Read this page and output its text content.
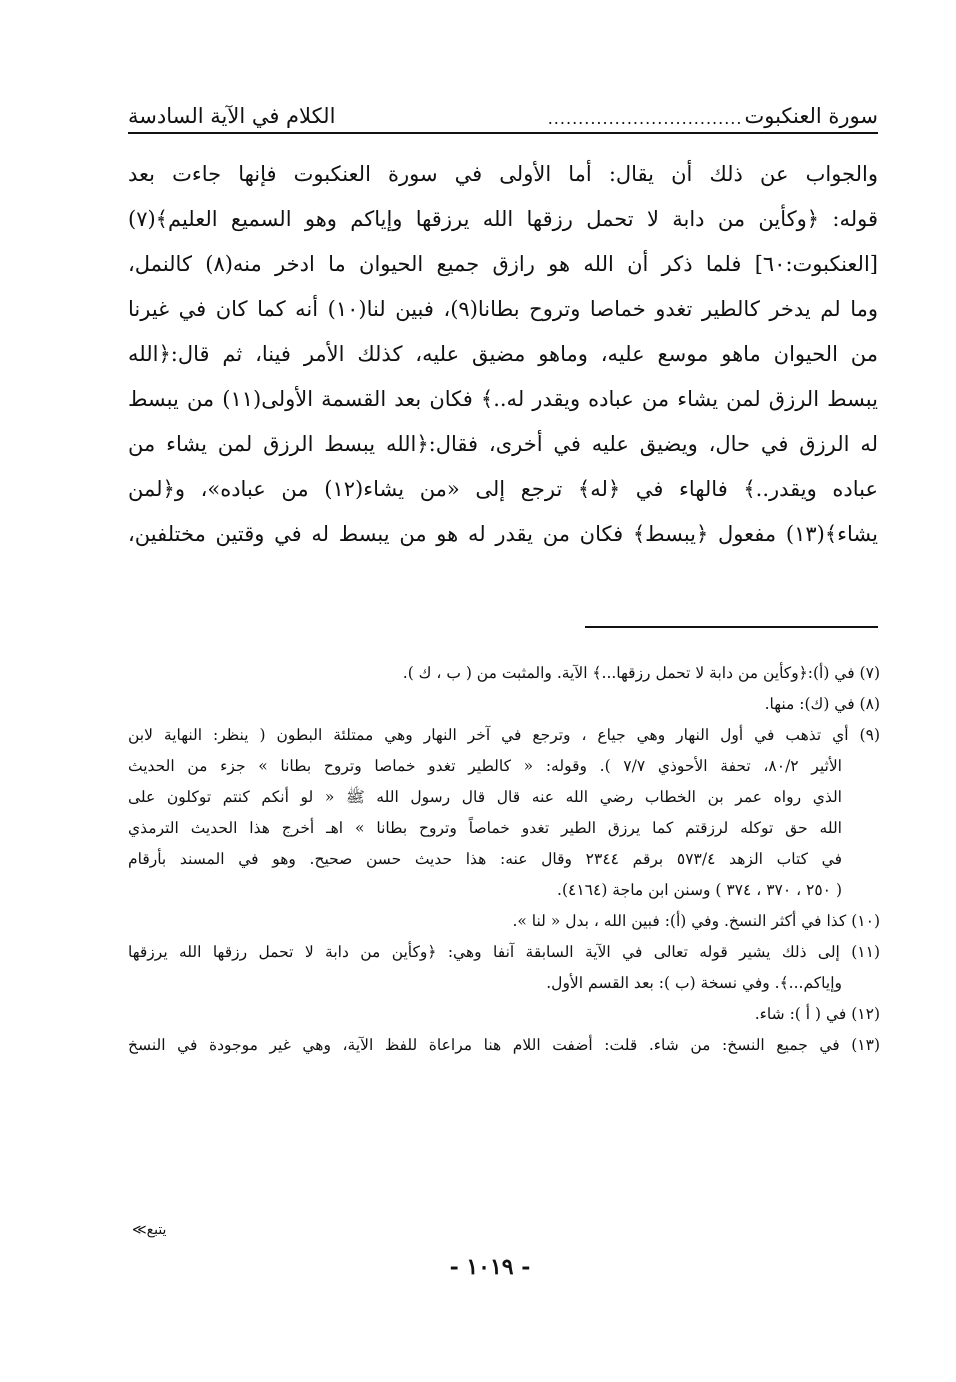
سورة العنكبوت
................................
الكلام في الآية السادسة
والجواب عن ذلك أن يقال: أما الأولى في سورة العنكبوت فإنها جاءت بعد
قوله: ﴿وكأين من دابة لا تحمل رزقها الله يرزقها وإياكم وهو السميع العليم﴾(٧)
[العنكبوت:٦٠] فلما ذكر أن الله هو رازق جميع الحيوان ما ادخر منه(٨) كالنمل،
وما لم يدخر كالطير تغدو خماصا وتروح بطانا(٩)، فبين لنا(١٠) أنه كما كان في غيرنا
من الحيوان ماهو موسع عليه، وماهو مضيق عليه، كذلك الأمر فينا، ثم قال:﴿الله
يبسط الرزق لمن يشاء من عباده ويقدر له..﴾ فكان بعد القسمة الأولى(١١) من يبسط
له الرزق في حال، ويضيق عليه في أخرى، فقال:﴿الله يبسط الرزق لمن يشاء من
عباده ويقدر..﴾ فالهاء في ﴿له﴾ ترجع إلى «من يشاء(١٢) من عباده»، و﴿لمن
يشاء﴾(١٣) مفعول ﴿يبسط﴾ فكان من يقدر له هو من يبسط له في وقتين مختلفين،
(٧) في (أ):﴿وكأين من دابة لا تحمل رزقها...﴾ الآية. والمثبت من ( ب ، ك ).
(٨) في (ك): منها.
(٩) أي تذهب في أول النهار وهي جياع ، وترجع في آخر النهار وهي ممتلئة البطون ( ينظر: النهاية لابن
الأثير ٨٠/٢، تحفة الأحوذي ٧/٧ ). وقوله: « كالطير تغدو خماصا وتروح بطانا » جزء من الحديث
الذي رواه عمر بن الخطاب رضي الله عنه قال قال رسول الله ﷺ « لو أنكم كنتم توكلون على
الله حق توكله لرزقتم كما يرزق الطير تغدو خماصاً وتروح بطانا » اهـ أخرج هذا الحديث الترمذي
في كتاب الزهد ٥٧٣/٤ برقم ٢٣٤٤ وقال عنه: هذا حديث حسن صحيح. وهو في المسند بأرقام
( ٢٥٠ ، ٣٧٠ ، ٣٧٤ ) وسنن ابن ماجة (٤١٦٤).
(١٠) كذا في أكثر النسخ. وفي (أ): فبين الله ، بدل « لنا ».
(١١) إلى ذلك يشير قوله تعالى في الآية السابقة آنفا وهي: ﴿وكأين من دابة لا تحمل رزقها الله يرزقها
وإياكم...﴾. وفي نسخة (ب ): بعد القسم الأول.
(١٢) في ( أ ): شاء.
(١٣) في جميع النسخ: من شاء. قلت: أضفت اللام هنا مراعاة للفظ الآية، وهي غير موجودة في النسخ
يتبع≫
- ١٠١٩ -
